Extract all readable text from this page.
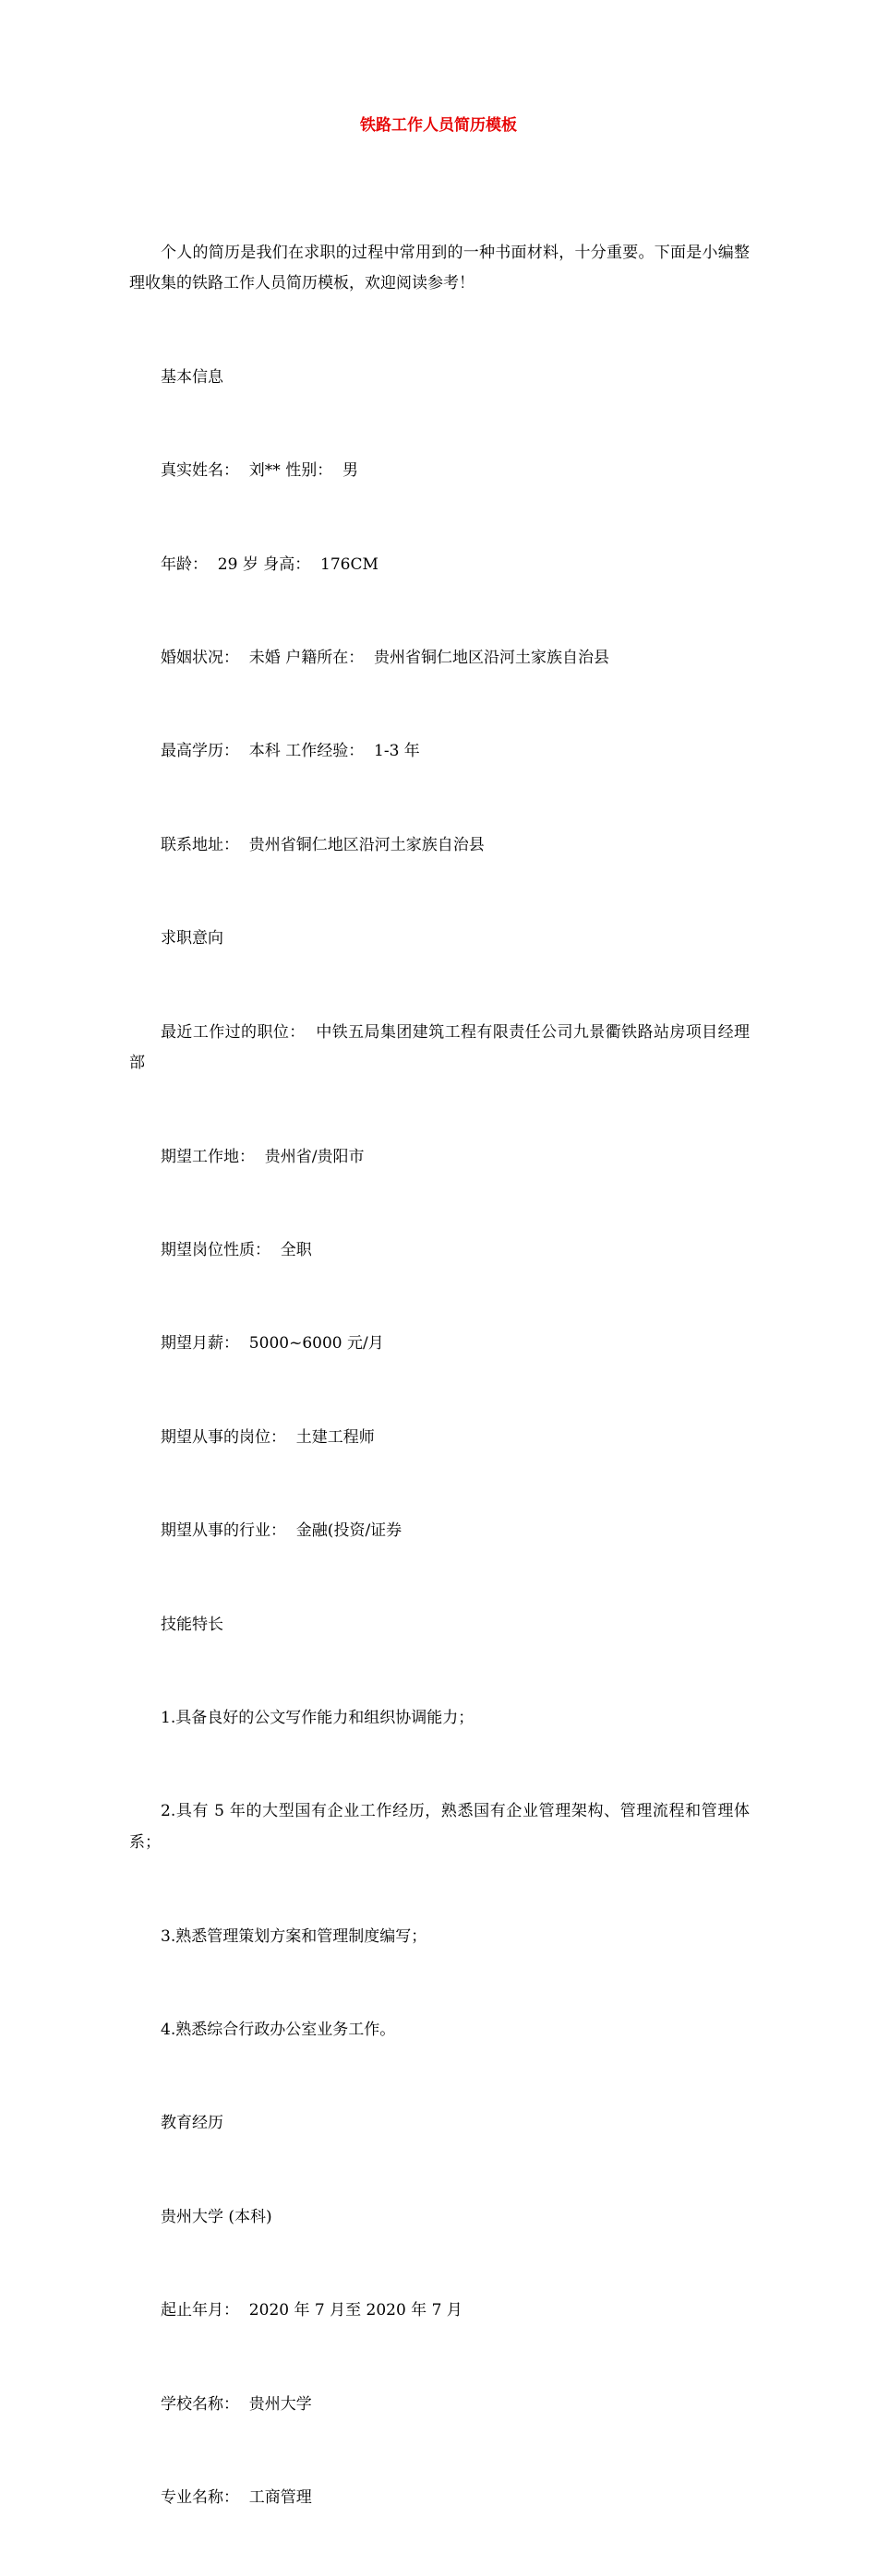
铁路工作人员简历模板

个人的简历是我们在求职的过程中常用到的一种书面材料，十分重要。下面是小编整理收集的铁路工作人员简历模板，欢迎阅读参考！

基本信息

真实姓名：  刘** 性别：  男

年龄：  29 岁 身高：  176CM

婚姻状况：  未婚 户籍所在：  贵州省铜仁地区沿河土家族自治县

最高学历：  本科 工作经验：  1-3 年

联系地址：  贵州省铜仁地区沿河土家族自治县

求职意向

最近工作过的职位：  中铁五局集团建筑工程有限责任公司九景衢铁路站房项目经理部

期望工作地：  贵州省/贵阳市

期望岗位性质：  全职

期望月薪：  5000~6000 元/月

期望从事的岗位：  土建工程师

期望从事的行业：  金融(投资/证券

技能特长

1.具备良好的公文写作能力和组织协调能力；

2.具有 5 年的大型国有企业工作经历，熟悉国有企业管理架构、管理流程和管理体系；

3.熟悉管理策划方案和管理制度编写；

4.熟悉综合行政办公室业务工作。

教育经历

贵州大学 (本科)

起止年月：  2020 年 7 月至 2020 年 7 月

学校名称：  贵州大学

专业名称：  工商管理
